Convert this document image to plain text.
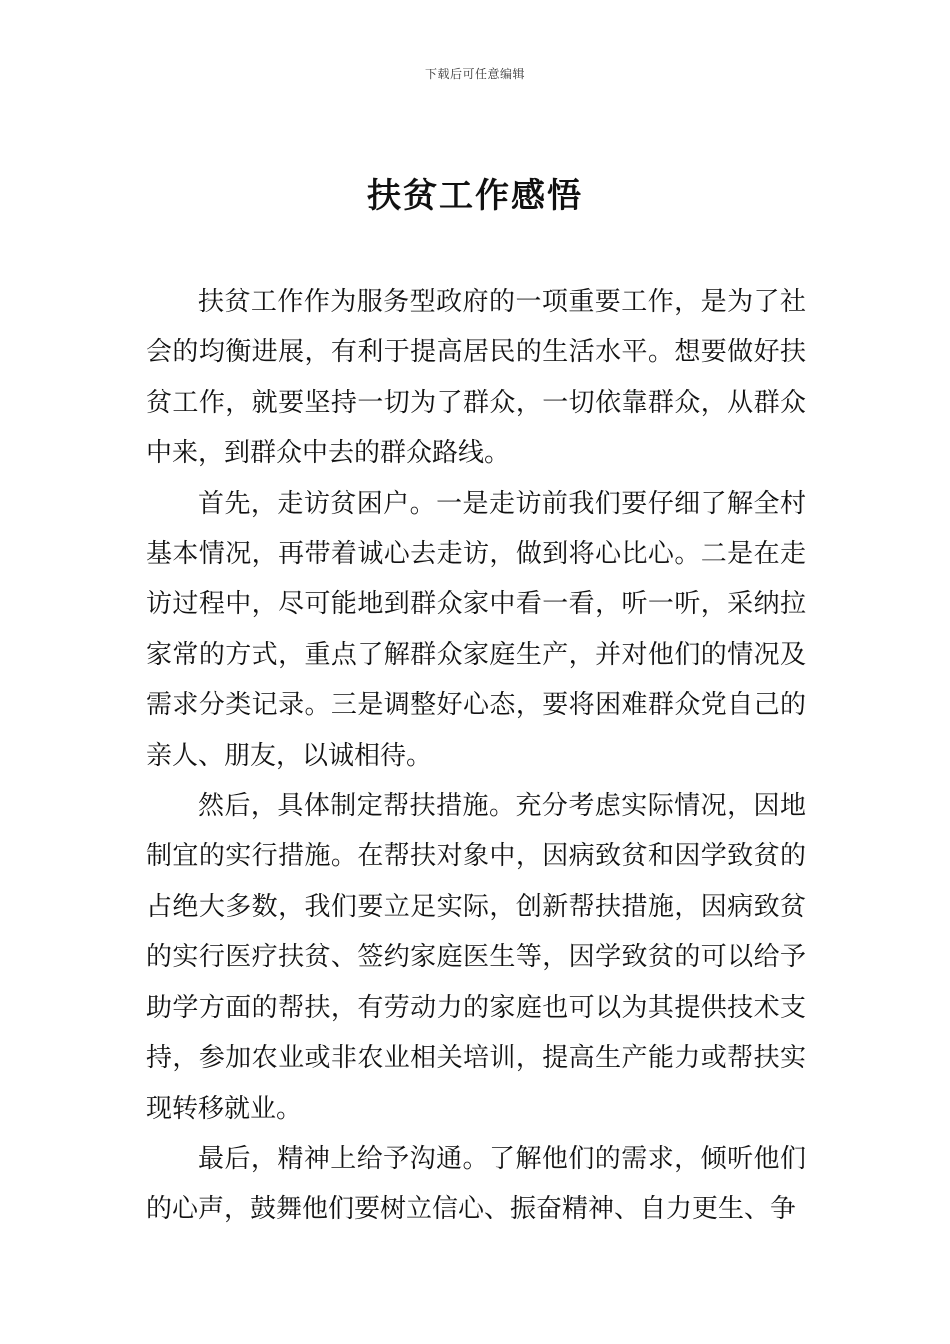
下载后可任意编辑
扶贫工作感悟

扶贫工作作为服务型政府的一项重要工作，是为了社会的均衡进展，有利于提高居民的生活水平。想要做好扶贫工作，就要坚持一切为了群众，一切依靠群众，从群众中来，到群众中去的群众路线。

首先，走访贫困户。一是走访前我们要仔细了解全村基本情况，再带着诚心去走访，做到将心比心。二是在走访过程中，尽可能地到群众家中看一看，听一听，采纳拉家常的方式，重点了解群众家庭生产，并对他们的情况及需求分类记录。三是调整好心态，要将困难群众党自己的亲人、朋友，以诚相待。

然后，具体制定帮扶措施。充分考虑实际情况，因地制宜的实行措施。在帮扶对象中，因病致贫和因学致贫的占绝大多数，我们要立足实际，创新帮扶措施，因病致贫的实行医疗扶贫、签约家庭医生等，因学致贫的可以给予助学方面的帮扶，有劳动力的家庭也可以为其提供技术支持，参加农业或非农业相关培训，提高生产能力或帮扶实现转移就业。

最后，精神上给予沟通。了解他们的需求，倾听他们的心声，鼓舞他们要树立信心、振奋精神、自力更生、争
